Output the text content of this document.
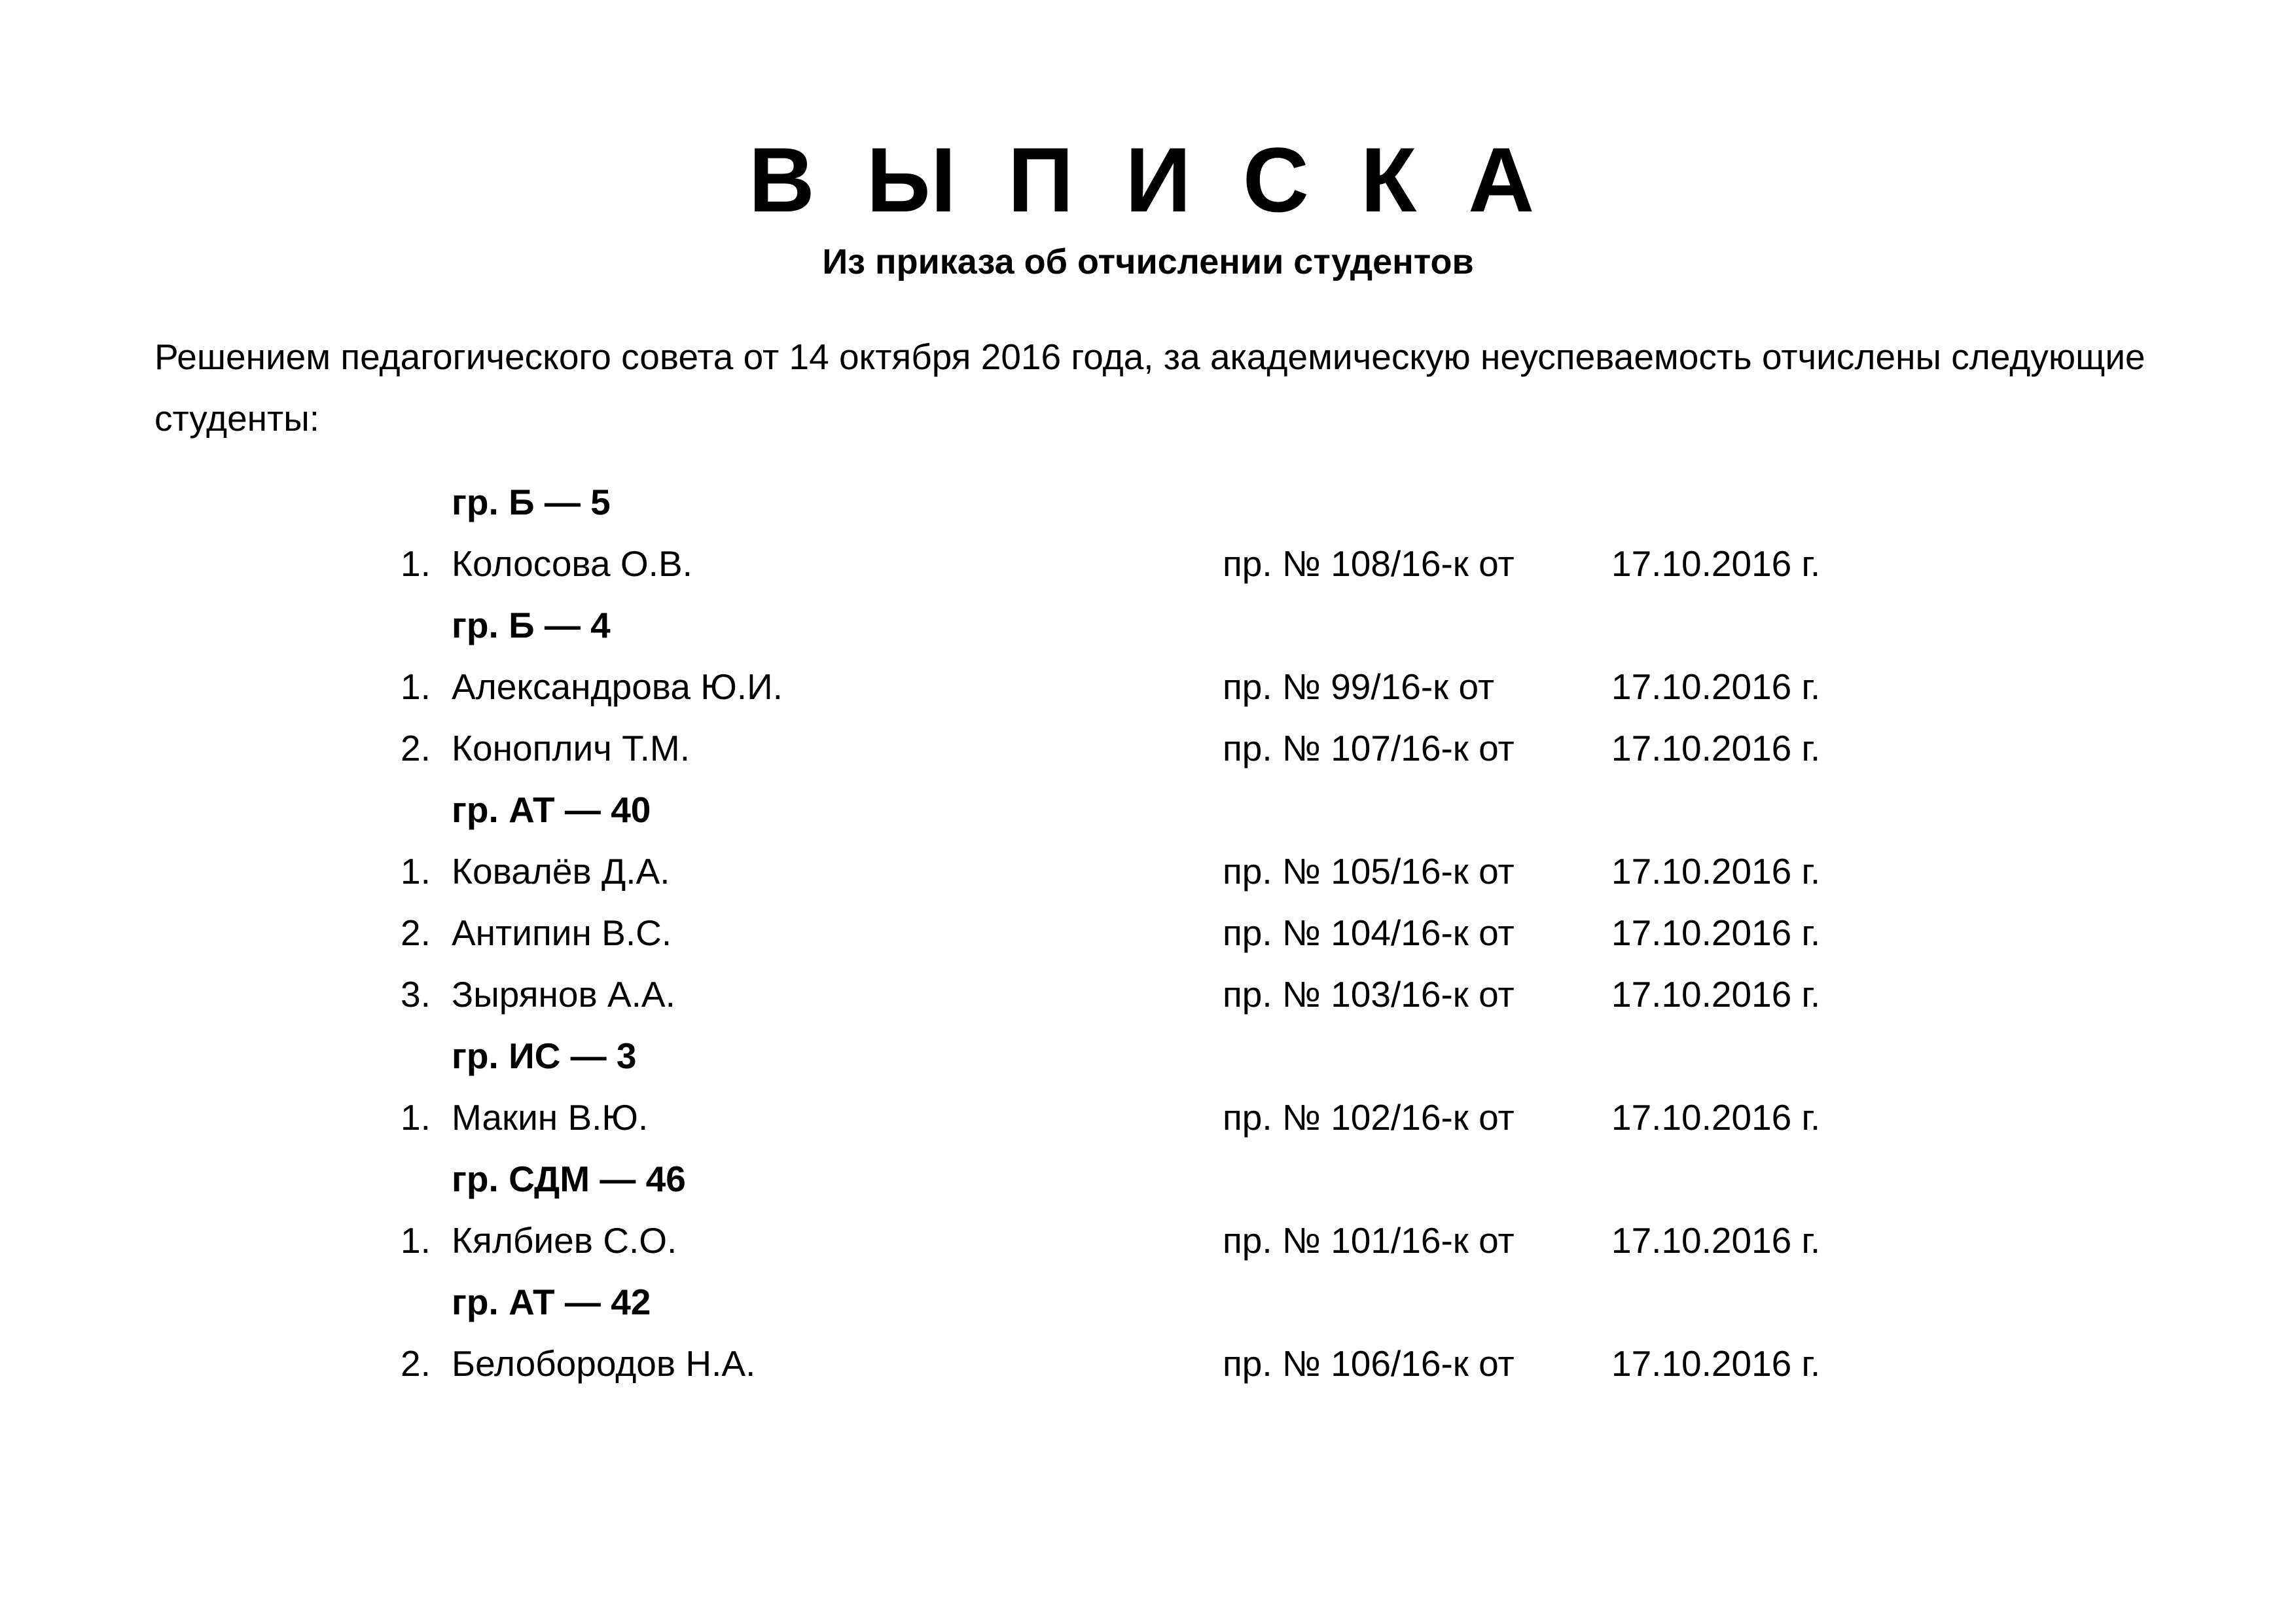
В Ы П И С К А
Из приказа об отчислении студентов
Решением педагогического совета от 14 октября 2016 года, за академическую неуспеваемость отчислены следующие студенты:
гр. Б — 5
1. Колосова О.В.	пр. № 108/16-к от	17.10.2016 г.
гр. Б — 4
1. Александрова Ю.И.	пр. № 99/16-к от	17.10.2016 г.
2. Коноплич Т.М.	пр. № 107/16-к от	17.10.2016 г.
гр. АТ — 40
1. Ковалёв Д.А.	пр. № 105/16-к от	17.10.2016 г.
2. Антипин В.С.	пр. № 104/16-к от	17.10.2016 г.
3. Зырянов А.А.	пр. № 103/16-к от	17.10.2016 г.
гр. ИС — 3
1. Макин В.Ю.	пр. № 102/16-к от	17.10.2016 г.
гр. СДМ — 46
1. Кялбиев С.О.	пр. № 101/16-к от	17.10.2016 г.
гр. АТ — 42
2. Белобородов Н.А.	пр. № 106/16-к от	17.10.2016 г.
